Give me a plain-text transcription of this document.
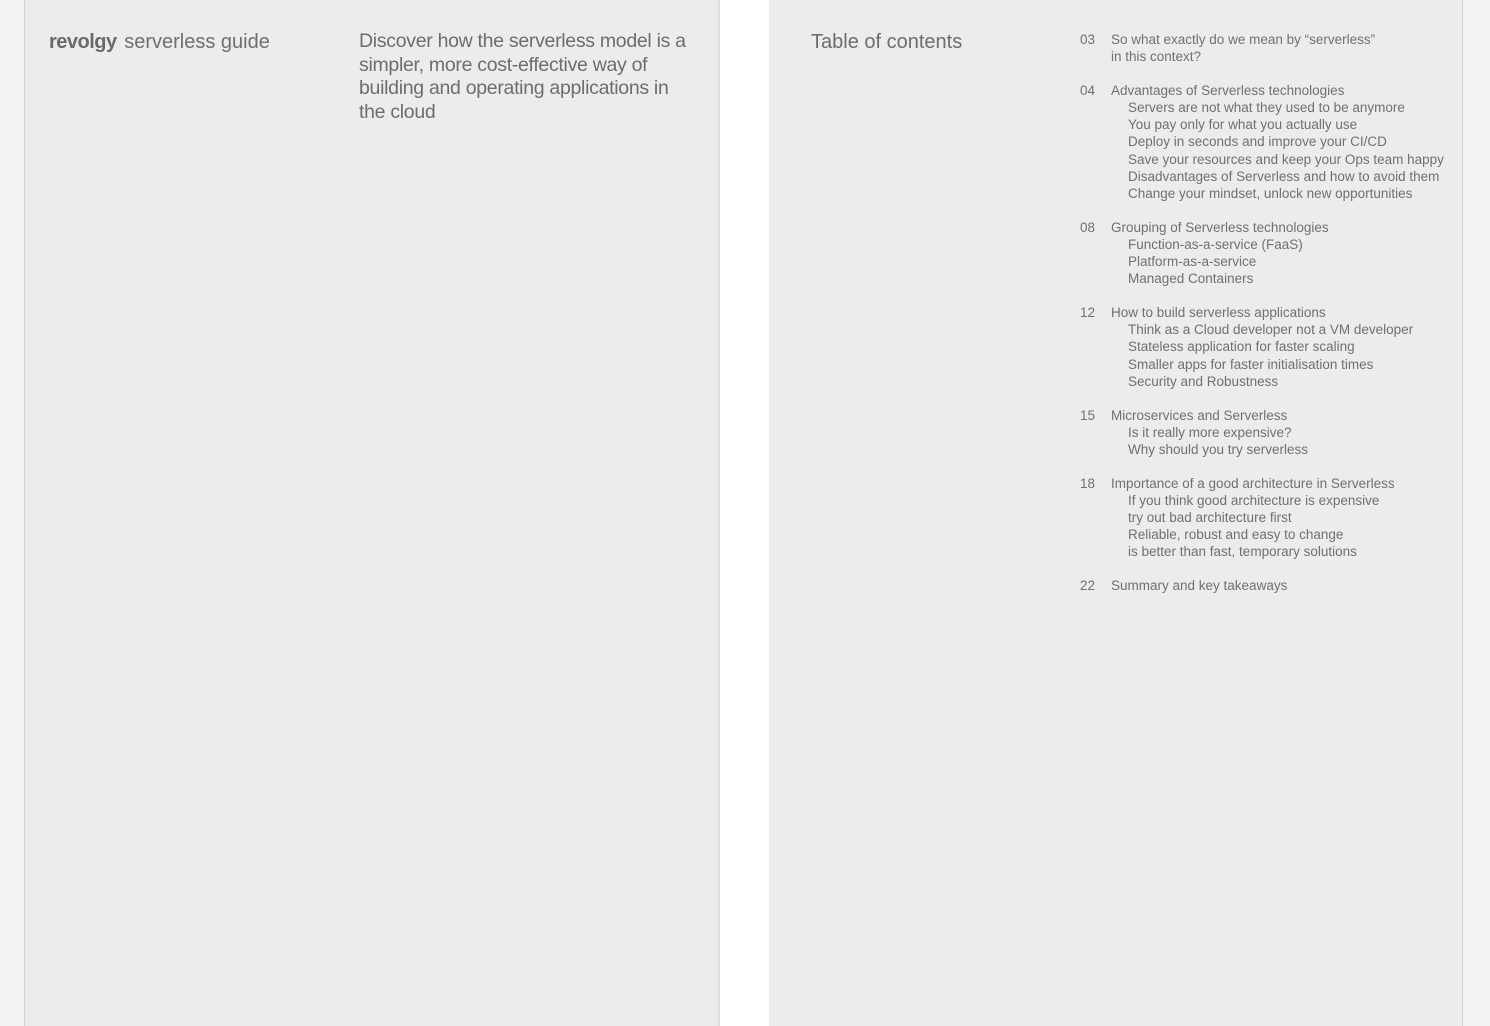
revolgy serverless guide	Discover how the serverless model is a simpler, more cost-effective way of building and operating applications in the cloud
Table of contents	03	So what exactly do we mean by “serverless”
in this context?
04	Advantages of Serverless technologies
Servers are not what they used to be anymore
You pay only for what you actually use
Deploy in seconds and improve your CI/CD
Save your resources and keep your Ops team happy
Disadvantages of Serverless and how to avoid them
Change your mindset, unlock new opportunities
08	Grouping of Serverless technologies
Function-as-a-service (FaaS)
Platform-as-a-service
Managed Containers
12	How to build serverless applications
Think as a Cloud developer not a VM developer
Stateless application for faster scaling
Smaller apps for faster initialisation times
Security and Robustness
15	Microservices and Serverless
Is it really more expensive?
Why should you try serverless
18	Importance of a good architecture in Serverless
If you think good architecture is expensive
try out bad architecture first
Reliable, robust and easy to change
is better than fast, temporary solutions
22	Summary and key takeaways
